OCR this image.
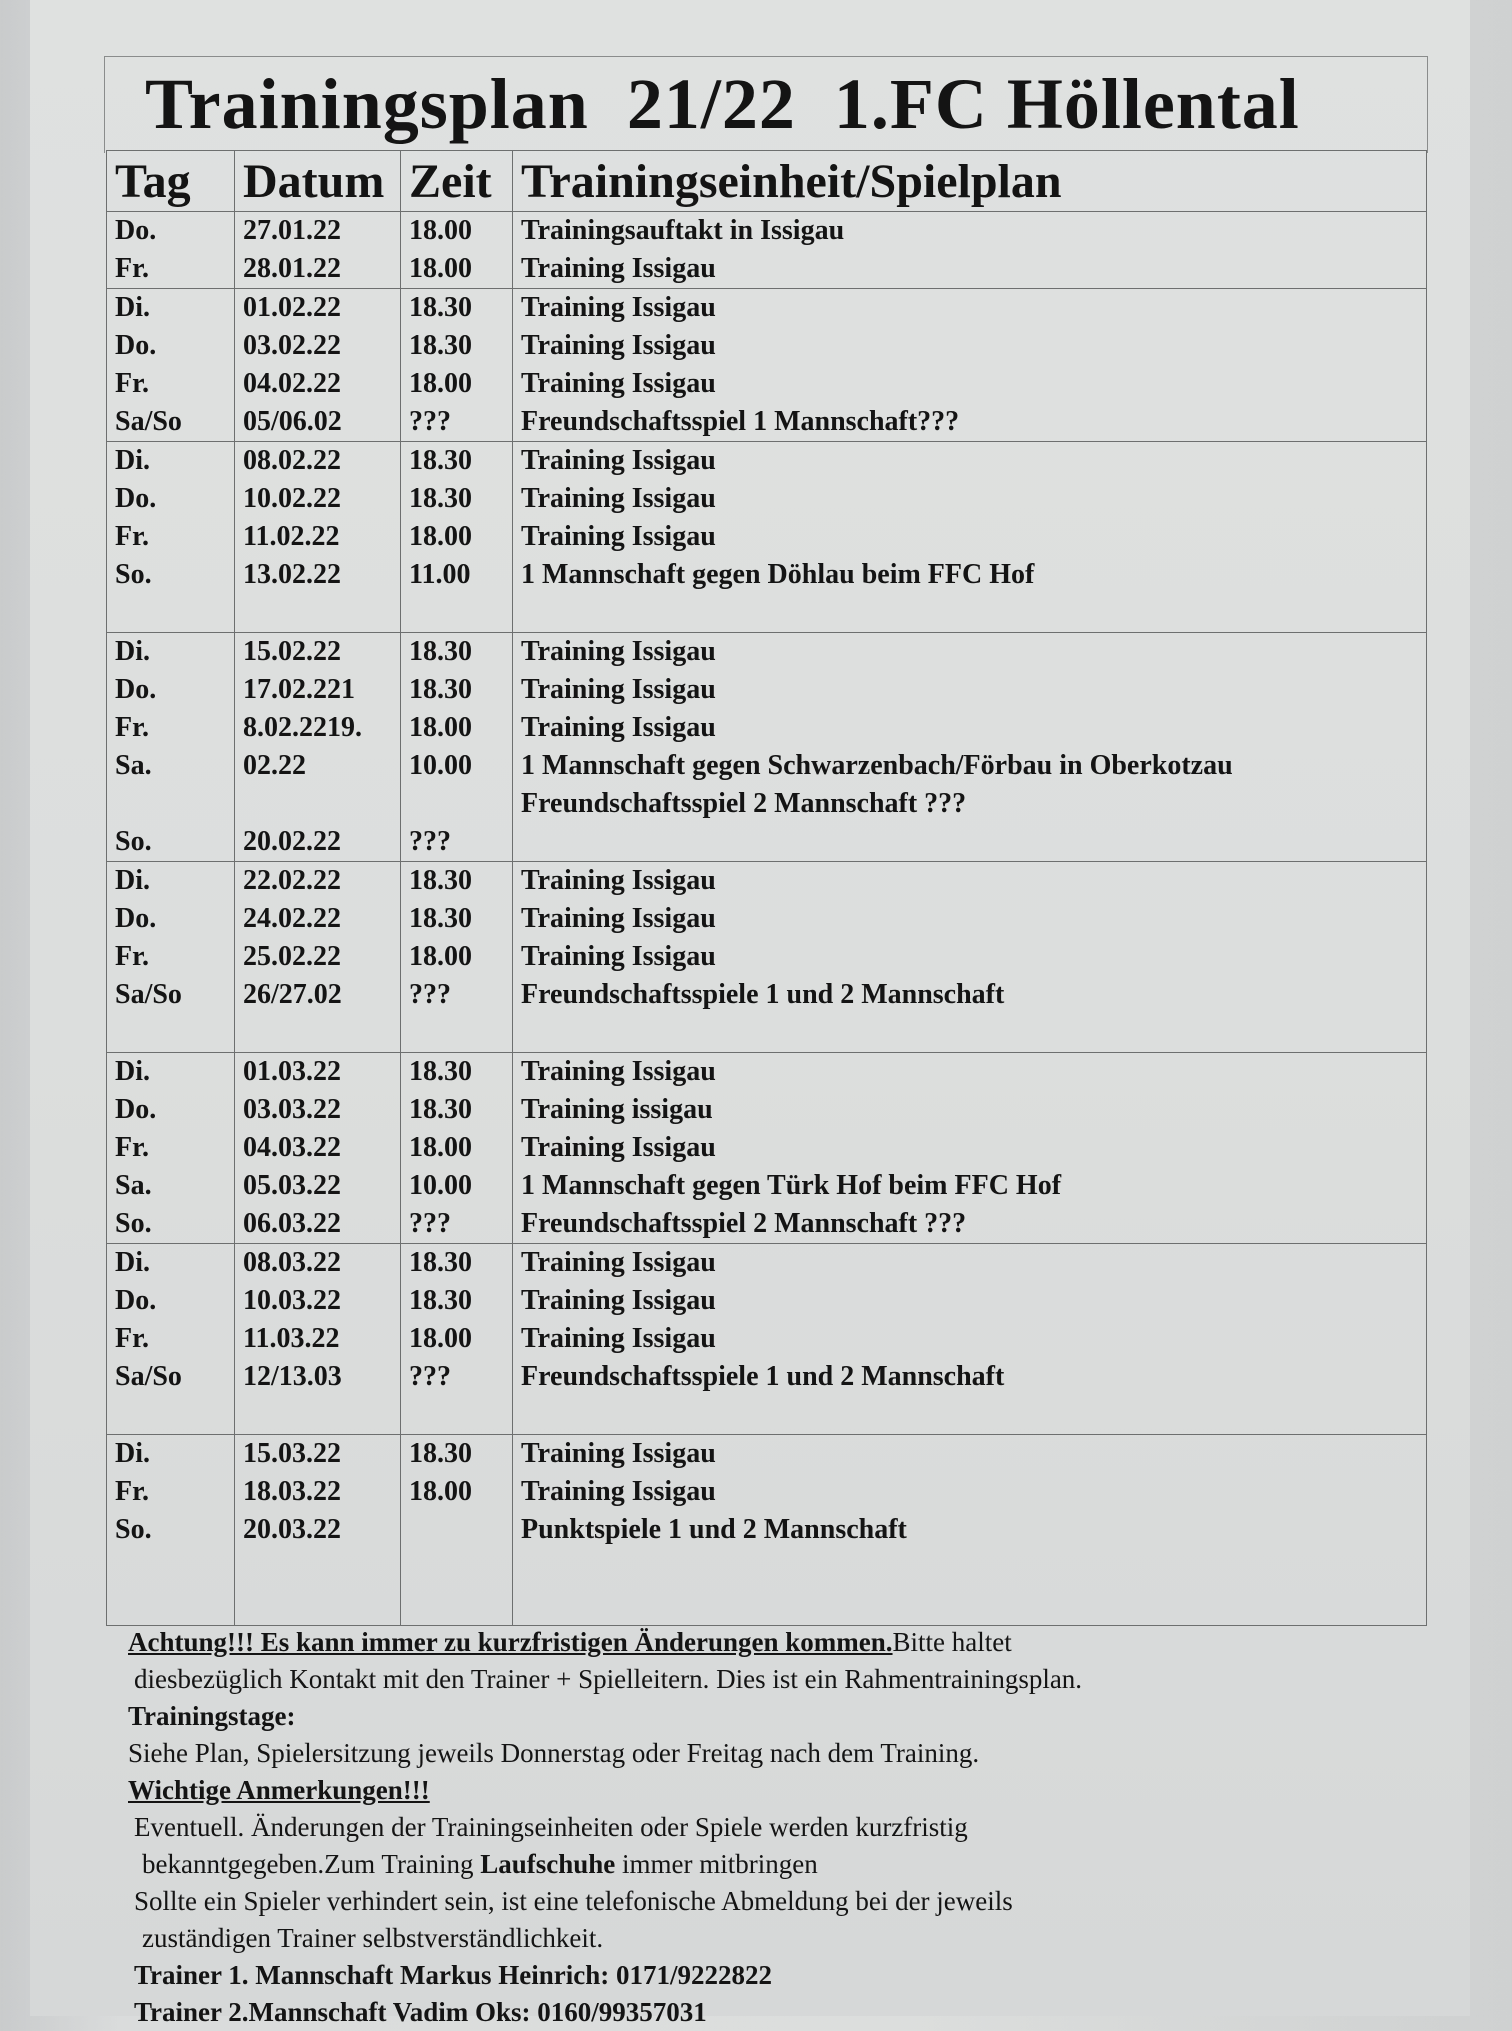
Trainingsplan  21/22  1.FC Höllental
Tag	Datum	Zeit	Trainingseinheit/Spielplan
Do.	27.01.22	18.00	Trainingsauftakt in Issigau
Fr.	28.01.22	18.00	Training Issigau
Di.	01.02.22	18.30	Training Issigau
Do.	03.02.22	18.30	Training Issigau
Fr.	04.02.22	18.00	Training Issigau
Sa/So	05/06.02	???	Freundschaftsspiel 1 Mannschaft???
Di.	08.02.22	18.30	Training Issigau
Do.	10.02.22	18.30	Training Issigau
Fr.	11.02.22	18.00	Training Issigau
So.	13.02.22	11.00	1 Mannschaft gegen Döhlau beim FFC Hof

Di.	15.02.22	18.30	Training Issigau
Do.	17.02.221	18.30	Training Issigau
Fr.	8.02.2219.	18.00	Training Issigau
Sa.	02.22	10.00	1 Mannschaft gegen Schwarzenbach/Förbau in Oberkotzau
			Freundschaftsspiel 2 Mannschaft ???
So.	20.02.22	???	
Di.	22.02.22	18.30	Training Issigau
Do.	24.02.22	18.30	Training Issigau
Fr.	25.02.22	18.00	Training Issigau
Sa/So	26/27.02	???	Freundschaftsspiele 1 und 2 Mannschaft

Di.	01.03.22	18.30	Training Issigau
Do.	03.03.22	18.30	Training issigau
Fr.	04.03.22	18.00	Training Issigau
Sa.	05.03.22	10.00	1 Mannschaft gegen Türk Hof beim FFC Hof
So.	06.03.22	???	Freundschaftsspiel 2 Mannschaft ???
Di.	08.03.22	18.30	Training Issigau
Do.	10.03.22	18.30	Training Issigau
Fr.	11.03.22	18.00	Training Issigau
Sa/So	12/13.03	???	Freundschaftsspiele 1 und 2 Mannschaft

Di.	15.03.22	18.30	Training Issigau
Fr.	18.03.22	18.00	Training Issigau
So.	20.03.22		Punktspiele 1 und 2 Mannschaft

Achtung!!! Es kann immer zu kurzfristigen Änderungen kommen.Bitte haltet

diesbezüglich Kontakt mit den Trainer + Spielleitern. Dies ist ein Rahmentrainingsplan.

Trainingstage:

Siehe Plan, Spielersitzung jeweils Donnerstag oder Freitag nach dem Training.

Wichtige Anmerkungen!!!

Eventuell. Änderungen der Trainingseinheiten oder Spiele werden kurzfristig

bekanntgegeben.Zum Training Laufschuhe immer mitbringen

Sollte ein Spieler verhindert sein, ist eine telefonische Abmeldung bei der jeweils

zuständigen Trainer selbstverständlichkeit.

Trainer 1. Mannschaft Markus Heinrich: 0171/9222822

Trainer 2.Mannschaft Vadim Oks: 0160/99357031
